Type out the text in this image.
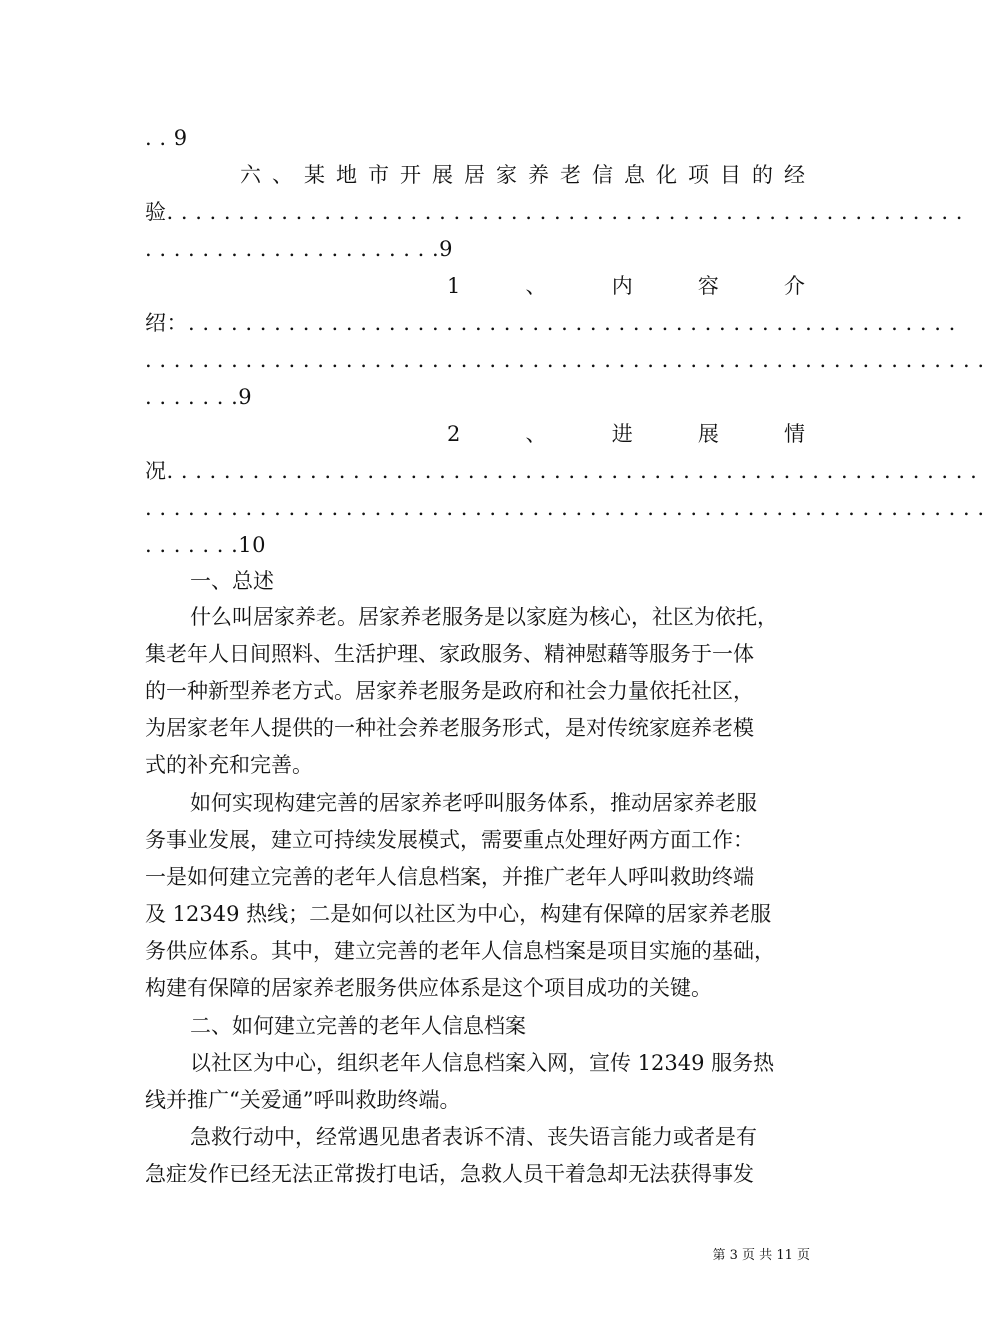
. . 9
六 、 某 地 市 开 展 居 家 养 老 信 息 化 项 目 的 经
验. . . . . . . . . . . . . . . . . . . . . . . . . . . . . . . . . . . . . . . . . . . . . . . . . . . . . . . .
. . . . . . . . . . . . . . . . . . . . .9
1	、	内	容	介
绍：. . . . . . . . . . . . . . . . . . . . . . . . . . . . . . . . . . . . . . . . . . . . . . . . . . . . . .
. . . . . . . . . . . . . . . . . . . . . . . . . . . . . . . . . . . . . . . . . . . . . . . . . . . . . . . . . . .
. . . . . . .9
2	、	进	展	情
况. . . . . . . . . . . . . . . . . . . . . . . . . . . . . . . . . . . . . . . . . . . . . . . . . . . . . . . . .
. . . . . . . . . . . . . . . . . . . . . . . . . . . . . . . . . . . . . . . . . . . . . . . . . . . . . . . . . . .
. . . . . . .10
一、总述
什么叫居家养老。居家养老服务是以家庭为核心，社区为依托，
集老年人日间照料、生活护理、家政服务、精神慰藉等服务于一体
的一种新型养老方式。居家养老服务是政府和社会力量依托社区，
为居家老年人提供的一种社会养老服务形式，是对传统家庭养老模
式的补充和完善。
如何实现构建完善的居家养老呼叫服务体系，推动居家养老服
务事业发展，建立可持续发展模式，需要重点处理好两方面工作：
一是如何建立完善的老年人信息档案，并推广老年人呼叫救助终端
及 12349 热线；二是如何以社区为中心，构建有保障的居家养老服
务供应体系。其中，建立完善的老年人信息档案是项目实施的基础，
构建有保障的居家养老服务供应体系是这个项目成功的关键。
二、如何建立完善的老年人信息档案
以社区为中心，组织老年人信息档案入网，宣传 12349 服务热
线并推广“关爱通”呼叫救助终端。
急救行动中，经常遇见患者表诉不清、丧失语言能力或者是有
急症发作已经无法正常拨打电话，急救人员干着急却无法获得事发
第 3 页 共 11 页
